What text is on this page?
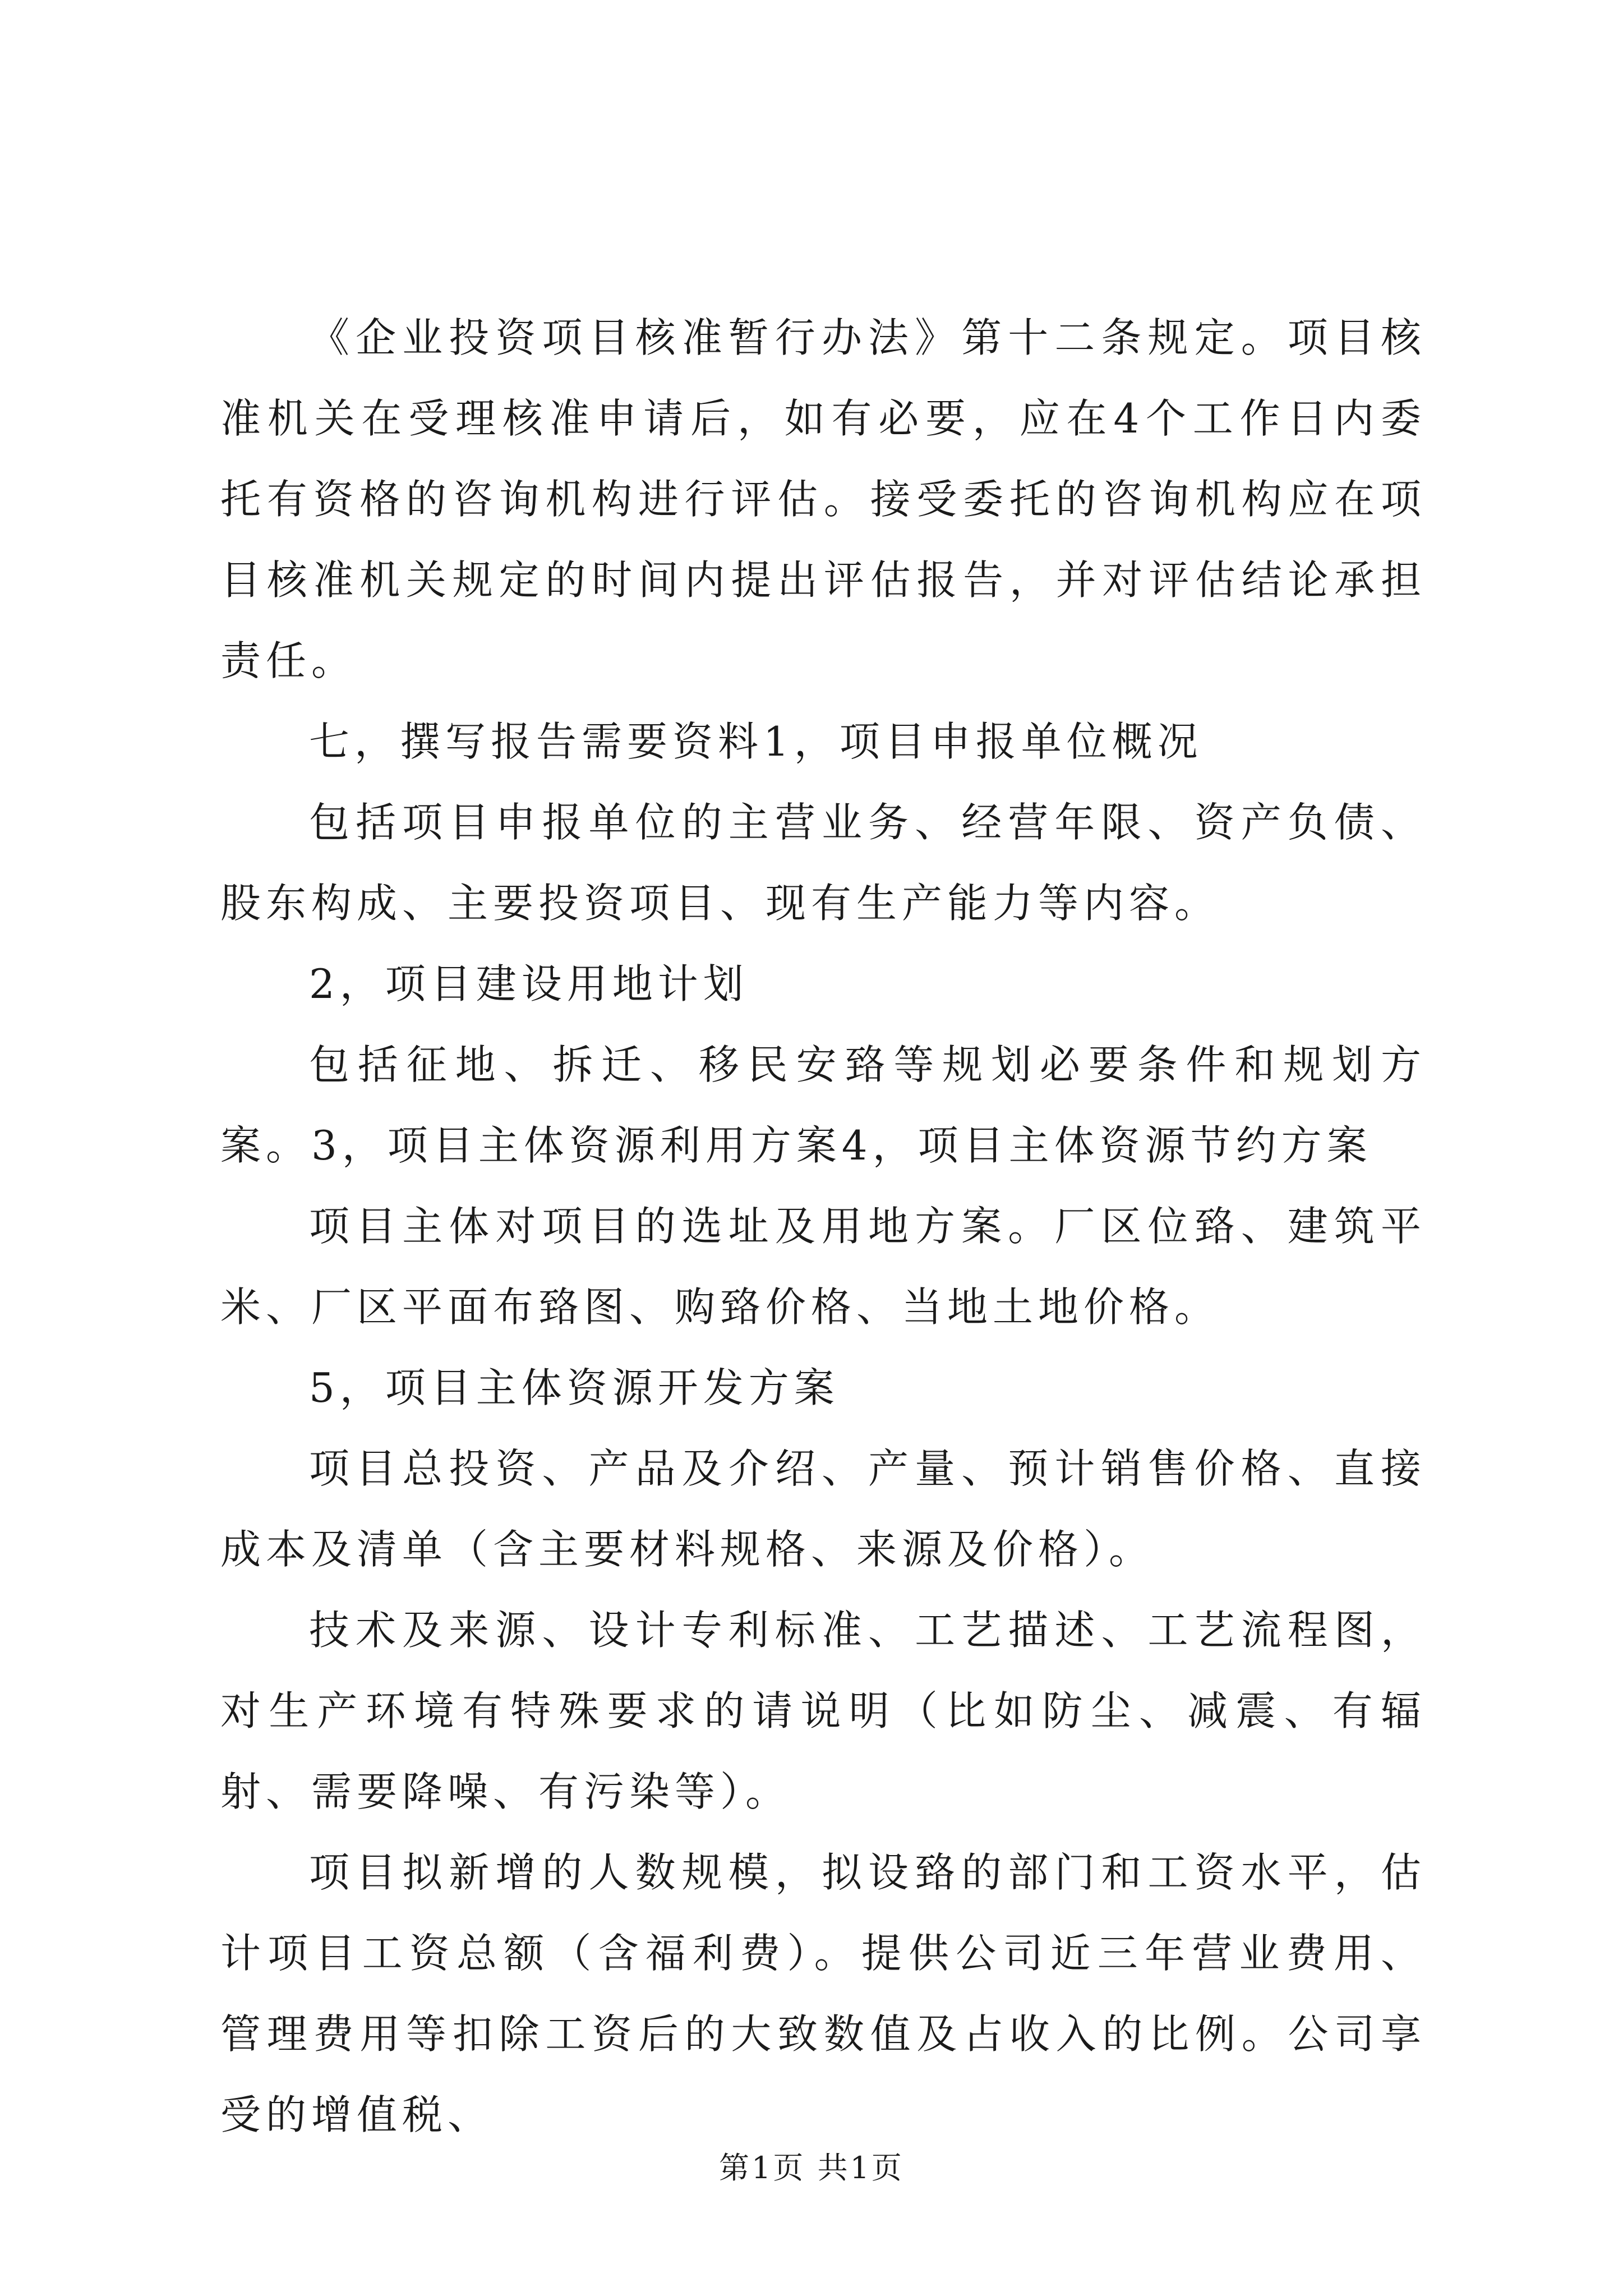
《企业投资项目核准暂行办法》第十二条规定。项目核准机关在受理核准申请后，如有必要，应在4个工作日内委托有资格的咨询机构进行评估。接受委托的咨询机构应在项目核准机关规定的时间内提出评估报告，并对评估结论承担责任。

七，撰写报告需要资料1，项目申报单位概况

包括项目申报单位的主营业务、经营年限、资产负债、股东构成、主要投资项目、现有生产能力等内容。

2，项目建设用地计划

包括征地、拆迁、移民安臵等规划必要条件和规划方案。3，项目主体资源利用方案4，项目主体资源节约方案

项目主体对项目的选址及用地方案。厂区位臵、建筑平米、厂区平面布臵图、购臵价格、当地土地价格。

5，项目主体资源开发方案

项目总投资、产品及介绍、产量、预计销售价格、直接成本及清单（含主要材料规格、来源及价格）。

技术及来源、设计专利标准、工艺描述、工艺流程图，对生产环境有特殊要求的请说明（比如防尘、减震、有辐射、需要降噪、有污染等）。

项目拟新增的人数规模，拟设臵的部门和工资水平，估计项目工资总额（含福利费）。提供公司近三年营业费用、管理费用等扣除工资后的大致数值及占收入的比例。公司享受的增值税、

第1页 共1页
